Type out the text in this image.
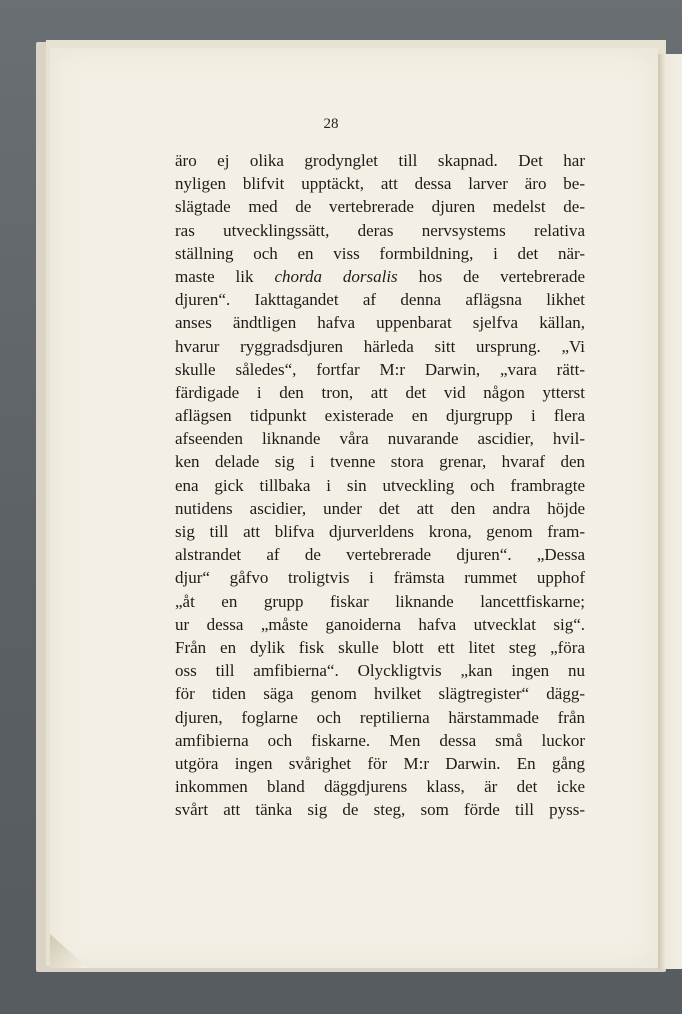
28
äro ej olika grodynglet till skapnad. Det har
nyligen blifvit upptäckt, att dessa larver äro be-
slägtade med de vertebrerade djuren medelst de-
ras utvecklingssätt, deras nervsystems relativa
ställning och en viss formbildning, i det när-
maste lik chorda dorsalis hos de vertebrerade
djuren“. Iakttagandet af denna aflägsna likhet
anses ändtligen hafva uppenbarat sjelfva källan,
hvarur ryggradsdjuren härleda sitt ursprung. „Vi
skulle således“, fortfar M:r Darwin, „vara rätt-
färdigade i den tron, att det vid någon ytterst
aflägsen tidpunkt existerade en djurgrupp i flera
afseenden liknande våra nuvarande ascidier, hvil-
ken delade sig i tvenne stora grenar, hvaraf den
ena gick tillbaka i sin utveckling och frambragte
nutidens ascidier, under det att den andra höjde
sig till att blifva djurverldens krona, genom fram-
alstrandet af de vertebrerade djuren“. „Dessa
djur“ gåfvo troligtvis i främsta rummet upphof
„åt en grupp fiskar liknande lancettfiskarne;
ur dessa „måste ganoiderna hafva utvecklat sig“.
Från en dylik fisk skulle blott ett litet steg „föra
oss till amfibierna“. Olyckligtvis „kan ingen nu
för tiden säga genom hvilket slägtregister“ dägg-
djuren, foglarne och reptilierna härstammade från
amfibierna och fiskarne. Men dessa små luckor
utgöra ingen svårighet för M:r Darwin. En gång
inkommen bland däggdjurens klass, är det icke
svårt att tänka sig de steg, som förde till pyss-
